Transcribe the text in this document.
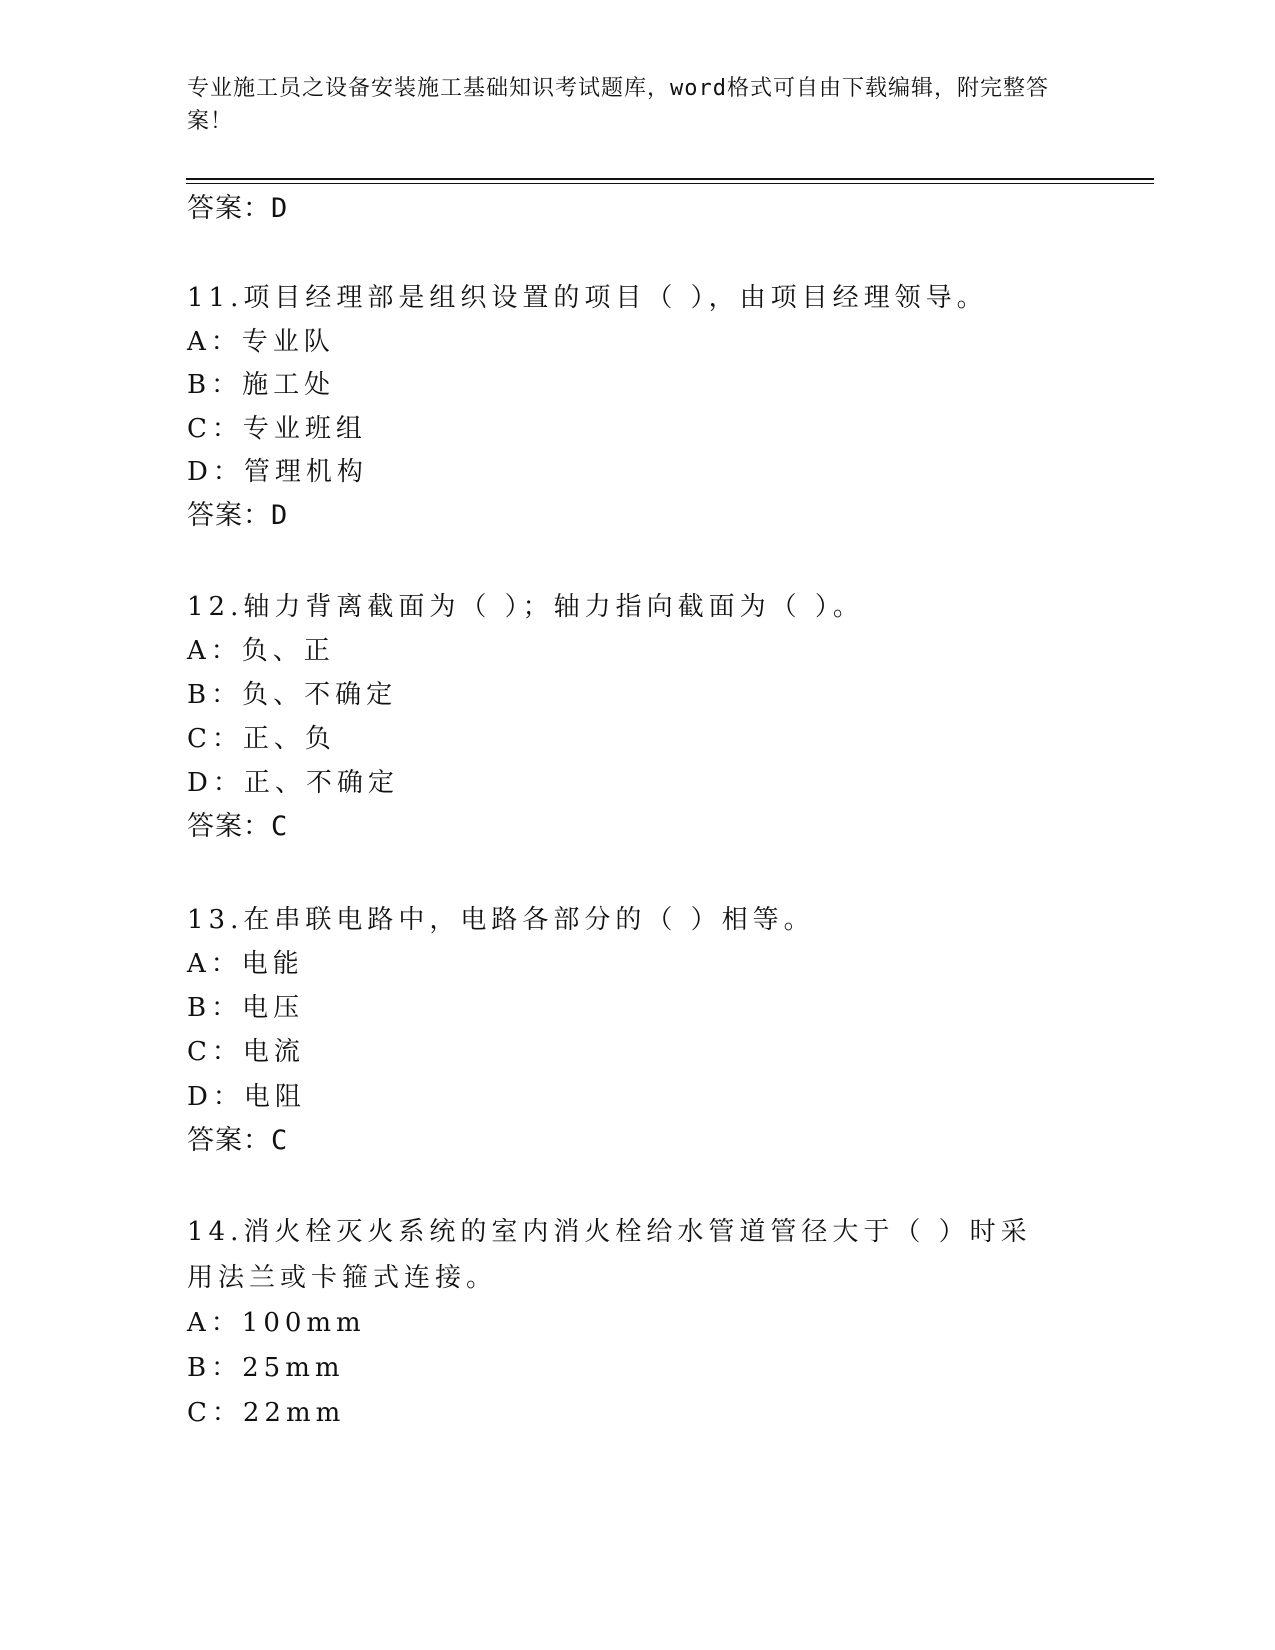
专业施工员之设备安装施工基础知识考试题库，word格式可自由下载编辑，附完整答案！
答案：D
11.项目经理部是组织设置的项目（ ），由项目经理领导。
A：专业队
B：施工处
C：专业班组
D：管理机构
答案：D
12.轴力背离截面为（ ）；轴力指向截面为（ ）。
A：负、正
B：负、不确定
C：正、负
D：正、不确定
答案：C
13.在串联电路中，电路各部分的（ ）相等。
A：电能
B：电压
C：电流
D：电阻
答案：C
14.消火栓灭火系统的室内消火栓给水管道管径大于（ ）时采用法兰或卡箍式连接。
A：100mm
B：25mm
C：22mm
